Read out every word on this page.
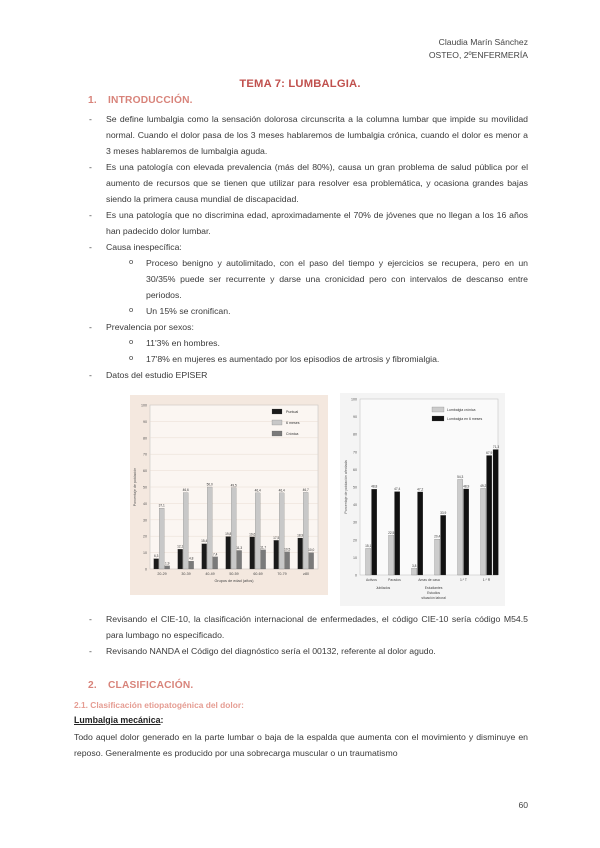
Claudia Marín Sánchez
OSTEO, 2ºENFERMERÍA
TEMA 7: LUMBALGIA.
1. INTRODUCCIÓN.
- Se define lumbalgia como la sensación dolorosa circunscrita a la columna lumbar que impide su movilidad normal. Cuando el dolor pasa de los 3 meses hablaremos de lumbalgia crónica, cuando el dolor es menor a 3 meses hablaremos de lumbalgia aguda.
- Es una patología con elevada prevalencia (más del 80%), causa un gran problema de salud pública por el aumento de recursos que se tienen que utilizar para resolver esa problemática, y ocasiona grandes bajas siendo la primera causa mundial de discapacidad.
- Es una patología que no discrimina edad, aproximadamente el 70% de jóvenes que no llegan a los 16 años han padecido dolor lumbar.
- Causa inespecífica:
o Proceso benigno y autolimitado, con el paso del tiempo y ejercicios se recupera, pero en un 30/35% puede ser recurrente y darse una cronicidad pero con intervalos de descanso entre periodos.
o Un 15% se cronifican.
- Prevalencia por sexos:
o 11'3% en hombres.
o 17'8% en mujeres es aumentado por los episodios de artrosis y fibromialgia.
- Datos del estudio EPISER
0
10
20
30
40
50
60
70
80
90
100
Porcentaje de población
6,3
37,1
1,9
20-29
12,1
46,6
4,8
30-39
15,4
50,0
7,4
40-49
19,8
49,5
11,3
50-59
19,6
46,4
11,7
60-69
17,5
46,4
10,5
70-79
18,9
46,7
10,0
≥80
Grupos de edad (años)
Puntual
6 meses
Crónica
0
10
20
30
40
50
60
70
80
90
100
Porcentaje de población afectada
15,1
48,8
22,5
47,4
3,8
47,2
20,4
33,9
54,3
48,9	49,2
67,9
71,3
Activos	Parados	Amas de casa	1.º T	1.º R
Jubilados	Estudiantes
Estudios
situación laboral
Lumbalgia crónica
Lumbalgia en 6 meses
- Revisando el CIE-10, la clasificación internacional de enfermedades, el código CIE-10 sería código M54.5 para lumbago no especificado.
- Revisando NANDA el Código del diagnóstico sería el 00132, referente al dolor agudo.
2. CLASIFICACIÓN.
2.1. Clasificación etiopatogénica del dolor:
Lumbalgia mecánica:
Todo aquel dolor generado en la parte lumbar o baja de la espalda que aumenta con el movimiento y disminuye en reposo. Generalmente es producido por una sobrecarga muscular o un traumatismo
60
